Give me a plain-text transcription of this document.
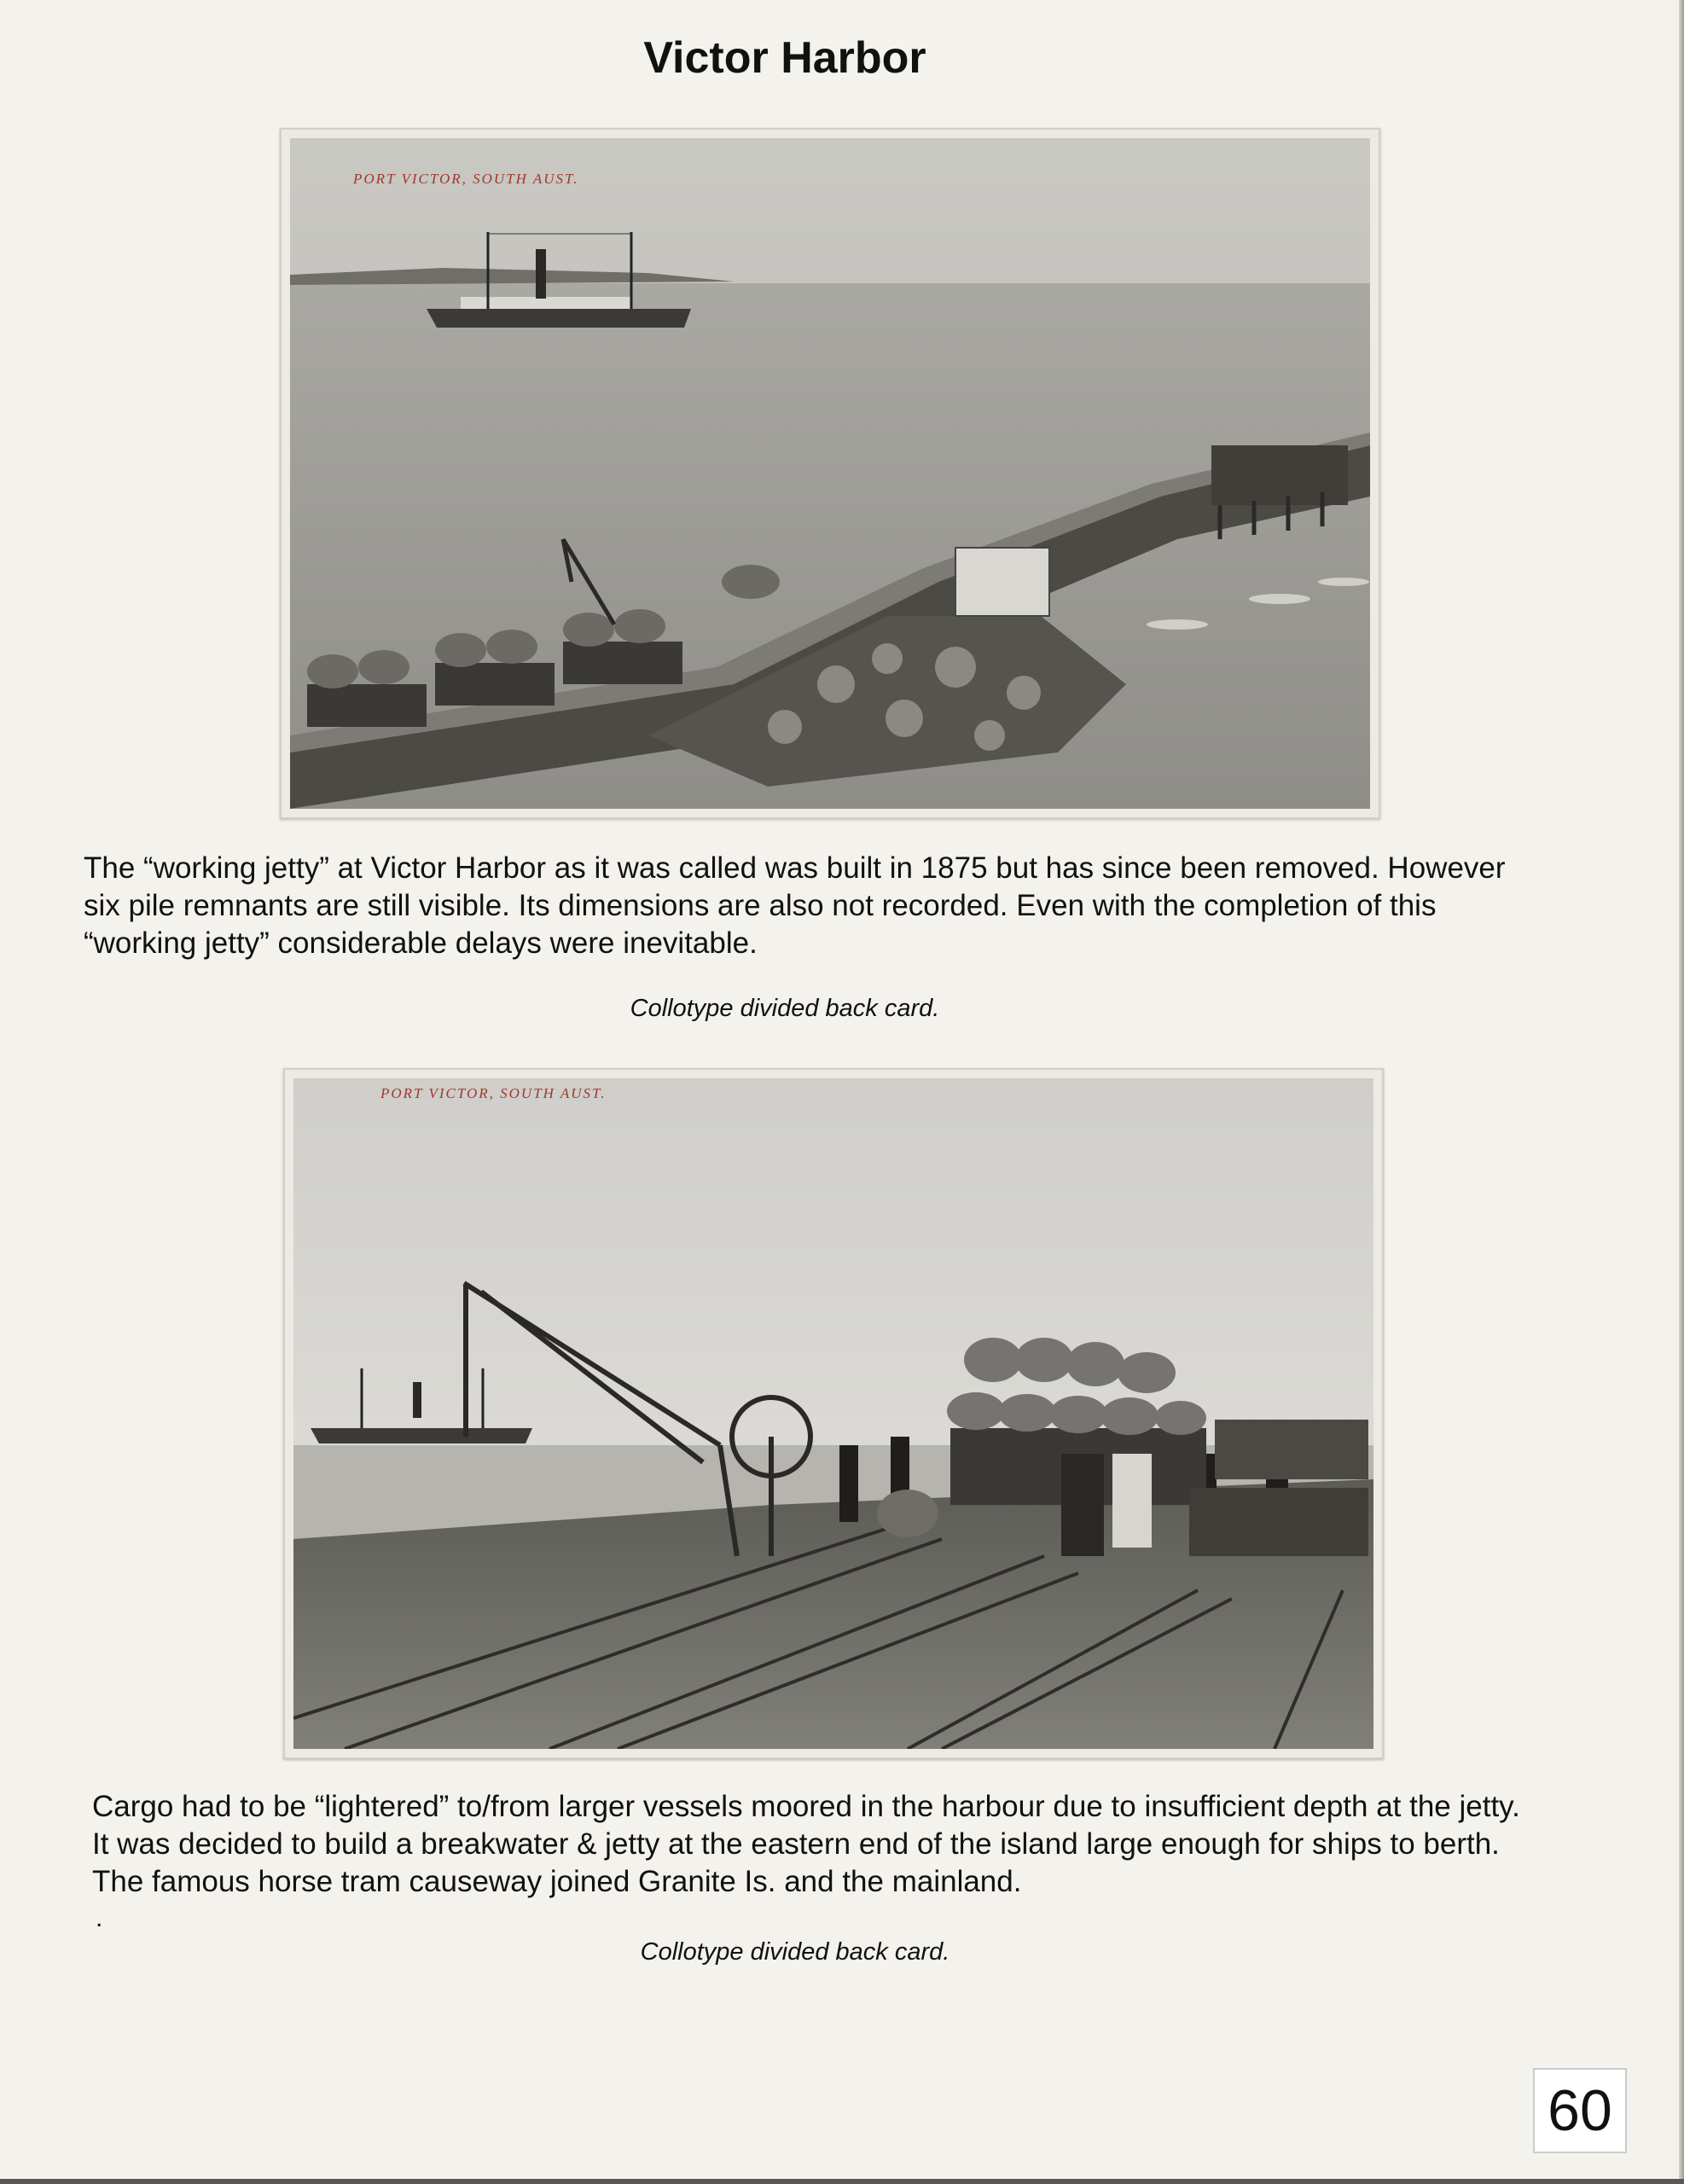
Victor Harbor
PORT VICTOR, SOUTH AUST.
The “working jetty” at Victor Harbor as it was called was built in 1875 but has since been removed. However six pile remnants are still visible. Its dimensions are also not recorded. Even with the completion of this “working jetty” considerable delays were inevitable.
Collotype divided back card.
PORT VICTOR, SOUTH AUST.
Cargo had to be “lightered” to/from larger vessels moored in the harbour due to insufficient depth at the jetty. It was decided to build a breakwater & jetty at the eastern end of the island large enough for ships to berth. The famous horse tram causeway joined Granite Is. and the mainland.
.
Collotype divided back card.
60
